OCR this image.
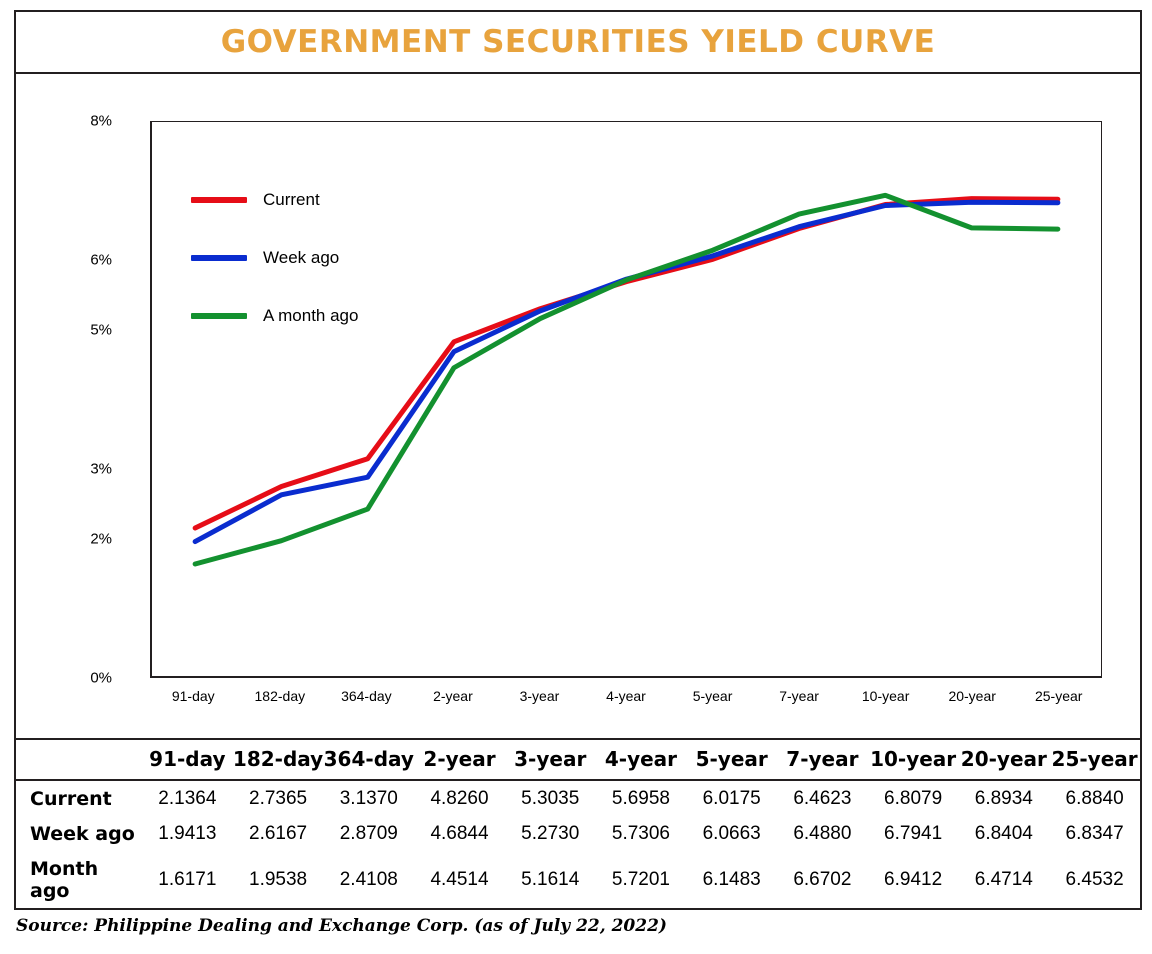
GOVERNMENT SECURITIES YIELD CURVE
0%
2%
3%
5%
6%
8%
91-day	182-day	364-day	2-year	3-year	4-year	5-year	7-year	10-year	20-year	25-year
Current
Week ago
A month ago
	91-day	182-day	364-day	2-year	3-year	4-year	5-year	7-year	10-year	20-year	25-year
Current	2.1364	2.7365	3.1370	4.8260	5.3035	5.6958	6.0175	6.4623	6.8079	6.8934	6.8840
Week ago	1.9413	2.6167	2.8709	4.6844	5.2730	5.7306	6.0663	6.4880	6.7941	6.8404	6.8347
Month ago	1.6171	1.9538	2.4108	4.4514	5.1614	5.7201	6.1483	6.6702	6.9412	6.4714	6.4532
Source: Philippine Dealing and Exchange Corp. (as of July 22, 2022)
